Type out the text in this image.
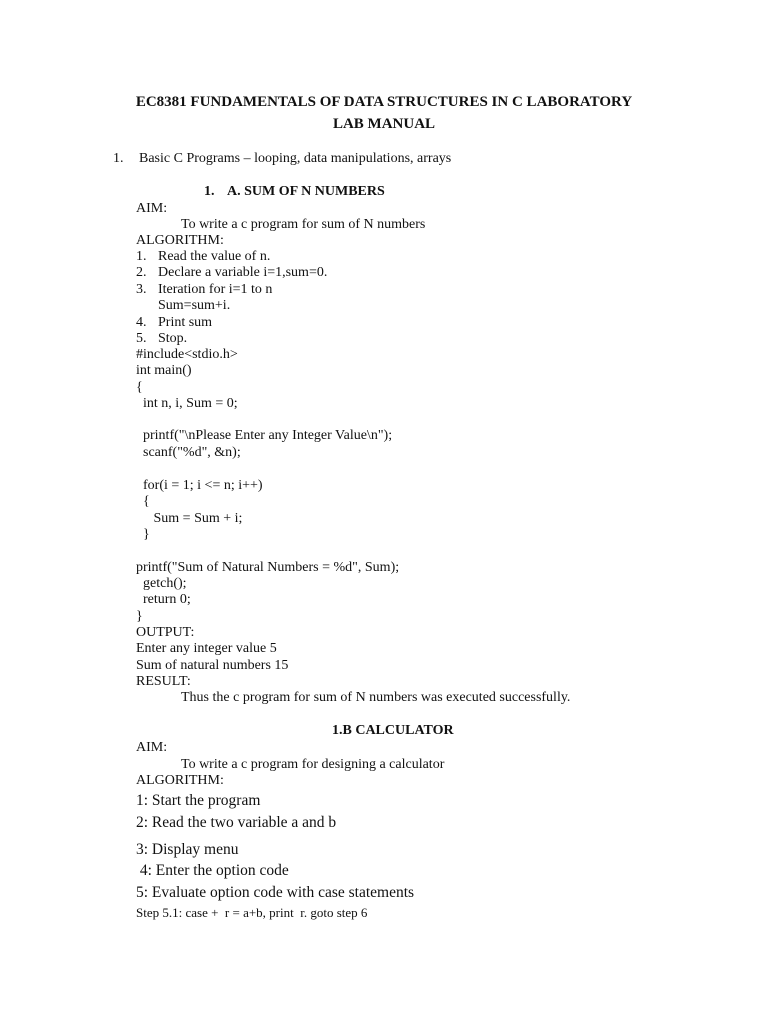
EC8381 FUNDAMENTALS OF DATA STRUCTURES IN C LABORATORY
LAB MANUAL
1. Basic C Programs – looping, data manipulations, arrays
1. A. SUM OF N NUMBERS
AIM:
To write a c program for sum of N numbers
ALGORITHM:
1. Read the value of n.
2. Declare a variable i=1,sum=0.
3. Iteration for i=1 to n
Sum=sum+i.
4. Print sum
5. Stop.
#include<stdio.h>
int main()
{
int n, i, Sum = 0;
printf("\nPlease Enter any Integer Value\n");
scanf("%d", &n);
for(i = 1; i <= n; i++)
{
Sum = Sum + i;
}
printf("Sum of Natural Numbers = %d", Sum);
getch();
return 0;
}
OUTPUT:
Enter any integer value 5
Sum of natural numbers 15
RESULT:
Thus the c program for sum of N numbers was executed successfully.
1.B CALCULATOR
AIM:
To write a c program for designing a calculator
ALGORITHM:
1: Start the program
2: Read the two variable a and b
3: Display menu
4: Enter the option code
5: Evaluate option code with case statements
Step 5.1: case +  r = a+b, print  r. goto step 6
